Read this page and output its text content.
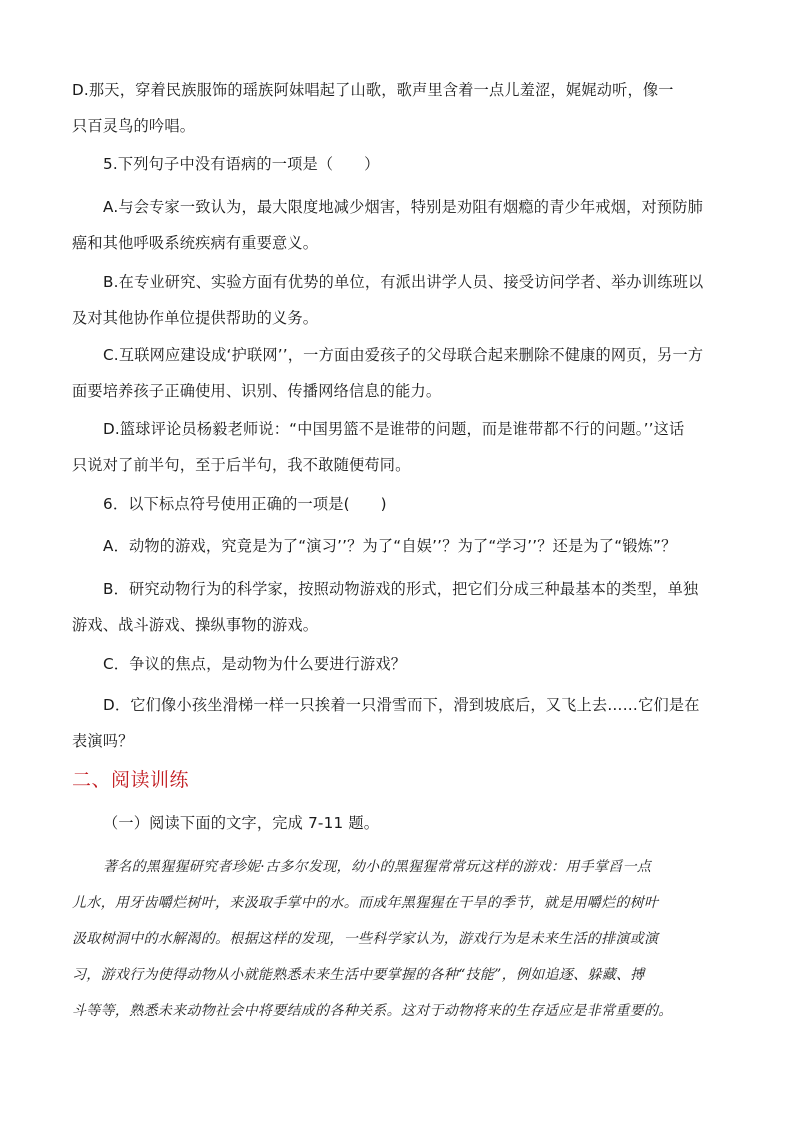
D.那天，穿着民族服饰的瑶族阿妹唱起了山歌，歌声里含着一点儿羞涩，娓娓动听，像一
只百灵鸟的吟唱。
5.下列句子中没有语病的一项是（　　）
A.与会专家一致认为，最大限度地减少烟害，特别是劝阻有烟瘾的青少年戒烟，对预防肺
癌和其他呼吸系统疾病有重要意义。
B.在专业研究、实验方面有优势的单位，有派出讲学人员、接受访问学者、举办训练班以
及对其他协作单位提供帮助的义务。
C.互联网应建设成‘护联网’’，一方面由爱孩子的父母联合起来删除不健康的网页，另一方
面要培养孩子正确使用、识别、传播网络信息的能力。
D.篮球评论员杨毅老师说：“中国男篮不是谁带的问题，而是谁带都不行的问题。’’这话
只说对了前半句，至于后半句，我不敢随便苟同。
6．以下标点符号使用正确的一项是(　　)
A．动物的游戏，究竟是为了“演习’’？为了“自娱’’？为了“学习’’？还是为了“锻炼”？
B．研究动物行为的科学家，按照动物游戏的形式，把它们分成三种最基本的类型，单独
游戏、战斗游戏、操纵事物的游戏。
C．争议的焦点，是动物为什么要进行游戏？
D．它们像小孩坐滑梯一样一只挨着一只滑雪而下，滑到坡底后，又飞上去……它们是在
表演吗？
二、阅读训练
（一）阅读下面的文字，完成 7-11 题。
著名的黑猩猩研究者珍妮·古多尔发现，幼小的黑猩猩常常玩这样的游戏：用手掌舀一点
儿水，用牙齿嚼烂树叶，来汲取手掌中的水。而成年黑猩猩在干旱的季节，就是用嚼烂的树叶
汲取树洞中的水解渴的。根据这样的发现，一些科学家认为，游戏行为是未来生活的排演或演
习，游戏行为使得动物从小就能熟悉未来生活中要掌握的各种“技能”，例如追逐、躲藏、搏
斗等等，熟悉未来动物社会中将要结成的各种关系。这对于动物将来的生存适应是非常重要的。
